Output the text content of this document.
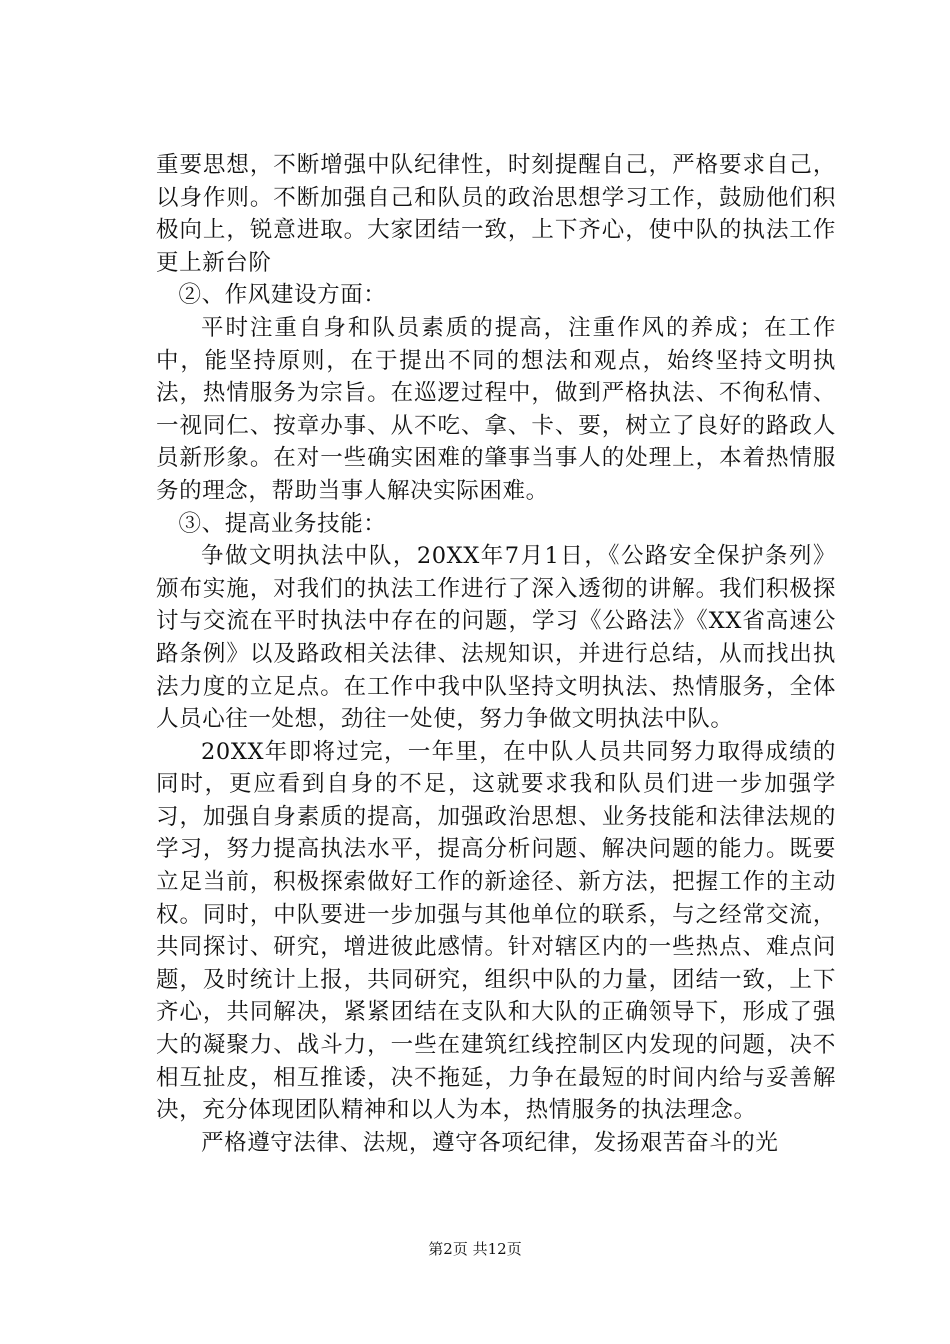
重要思想，不断增强中队纪律性，时刻提醒自己，严格要求自己，以身作则。不断加强自己和队员的政治思想学习工作，鼓励他们积极向上，锐意进取。大家团结一致，上下齐心，使中队的执法工作更上新台阶

②、作风建设方面：

平时注重自身和队员素质的提高，注重作风的养成；在工作中，能坚持原则，在于提出不同的想法和观点，始终坚持文明执法，热情服务为宗旨。在巡逻过程中，做到严格执法、不徇私情、一视同仁、按章办事、从不吃、拿、卡、要，树立了良好的路政人员新形象。在对一些确实困难的肇事当事人的处理上，本着热情服务的理念，帮助当事人解决实际困难。

③、提高业务技能：

争做文明执法中队，20XX年7月1日，《公路安全保护条列》颁布实施，对我们的执法工作进行了深入透彻的讲解。我们积极探讨与交流在平时执法中存在的问题，学习《公路法》《XX省高速公路条例》以及路政相关法律、法规知识，并进行总结，从而找出执法力度的立足点。在工作中我中队坚持文明执法、热情服务，全体人员心往一处想，劲往一处使，努力争做文明执法中队。

20XX年即将过完，一年里，在中队人员共同努力取得成绩的同时，更应看到自身的不足，这就要求我和队员们进一步加强学习，加强自身素质的提高，加强政治思想、业务技能和法律法规的学习，努力提高执法水平，提高分析问题、解决问题的能力。既要立足当前，积极探索做好工作的新途径、新方法，把握工作的主动权。同时，中队要进一步加强与其他单位的联系，与之经常交流，共同探讨、研究，增进彼此感情。针对辖区内的一些热点、难点问题，及时统计上报，共同研究，组织中队的力量，团结一致，上下齐心，共同解决，紧紧团结在支队和大队的正确领导下，形成了强大的凝聚力、战斗力，一些在建筑红线控制区内发现的问题，决不相互扯皮，相互推诿，决不拖延，力争在最短的时间内给与妥善解决，充分体现团队精神和以人为本，热情服务的执法理念。

严格遵守法律、法规，遵守各项纪律，发扬艰苦奋斗的光

第2页 共12页
